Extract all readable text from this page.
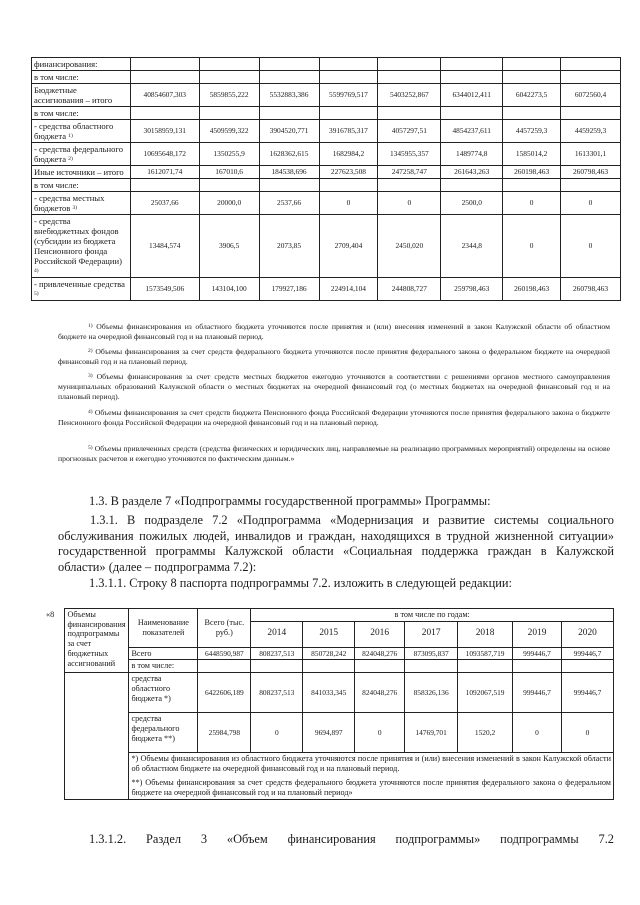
финансирования:								
в том числе:								
Бюджетные ассигнования – итого	40854607,303	5859855,222	5532883,386	5599769,517	5403252,867	6344012,411	6042273,5	6072560,4
в том числе:								
- средства областного бюджета $^{1)}$	30158959,131	4509599,322	3904520,771	3916785,317	4057297,51	4854237,611	4457259,3	4459259,3
- средства федерального бюджета $^{2)}$	10695648,172	1350255,9	1628362,615	1682984,2	1345955,357	1489774,8	1585014,2	1613301,1
Иные источники – итого	1612071,74	167010,6	184538,696	227623,508	247258,747	261643,263	260198,463	260798,463
в том числе:								
- средства местных бюджетов $^{3)}$	25037,66	20000,0	2537,66	0	0	2500,0	0	0
- средства внебюджетных фондов (субсидии из бюджета Пенсионного фонда Российской Федерации) $^{4)}$	13484,574	3906,5	2073,85	2709,404	2450,020	2344,8	0	0
- привлеченные средства $^{5)}$	1573549,506	143104,100	179927,186	224914,104	244808,727	259798,463	260198,463	260798,463
$^{1)}$ Объемы финансирования из областного бюджета уточняются после принятия и (или) внесения изменений в закон Калужской области об областном бюджете на очередной финансовый год и на плановый период.
$^{2)}$ Объемы финансирования за счет средств федерального бюджета уточняются после принятия федерального закона о федеральном бюджете на очередной финансовый год и на плановый период.
$^{3)}$ Объемы финансирования за счет средств местных бюджетов ежегодно уточняются в соответствии с решениями органов местного самоуправления муниципальных образований Калужской области о местных бюджетах на очередной финансовый год (о местных бюджетах на очередной финансовый год и на плановый период).
$^{4)}$ Объемы финансирования за счет средств бюджета Пенсионного фонда Российской Федерации уточняются после принятия федерального закона о бюджете Пенсионного фонда Российской Федерации на очередной финансовый год и на плановый период.
$^{5)}$ Объемы привлеченных средств (средства физических и юридических лиц, направляемые на реализацию программных мероприятий) определены на основе прогнозных расчетов и ежегодно уточняются по фактическим данным.»
1.3. В разделе 7 «Подпрограммы государственной программы» Программы:
1.3.1. В подразделе 7.2 «Подпрограмма «Модернизация и развитие системы социального обслуживания пожилых людей, инвалидов и граждан, находящихся в трудной жизненной ситуации» государственной программы Калужской области «Социальная поддержка граждан в Калужской области» (далее – подпрограмма 7.2):
1.3.1.1. Строку 8 паспорта подпрограммы 7.2. изложить в следующей редакции:
«8	Объемы финансирования подпрограммы за счет бюджетных ассигнований	Наименование показателей	Всего (тыс. руб.)	в том числе по годам:						
				2014	2015	2016	2017	2018	2019	2020
		Всего	6448590,987	808237,513	850728,242	824048,276	873095,837	1093587,719	999446,7	999446,7
		в том числе:								
		средства областного бюджета *)	6422606,189	808237,513	841033,345	824048,276	858326,136	1092067,519	999446,7	999446,7
		средства федерального бюджета **)	25984,798	0	9694,897	0	14769,701	1520,2	0	0

		*) Объемы финансирования из областного бюджета уточняются после принятия и (или) внесения изменений в закон Калужской области об областном бюджете на очередной финансовый год и на плановый период.
**) Объемы финансирования за счет средств федерального бюджета уточняются после принятия федерального закона о федеральном бюджете на очередной финансовый год и на плановый период»								
1.3.1.2. Раздел 3 «Объем финансирования подпрограммы» подпрограммы 7.2
